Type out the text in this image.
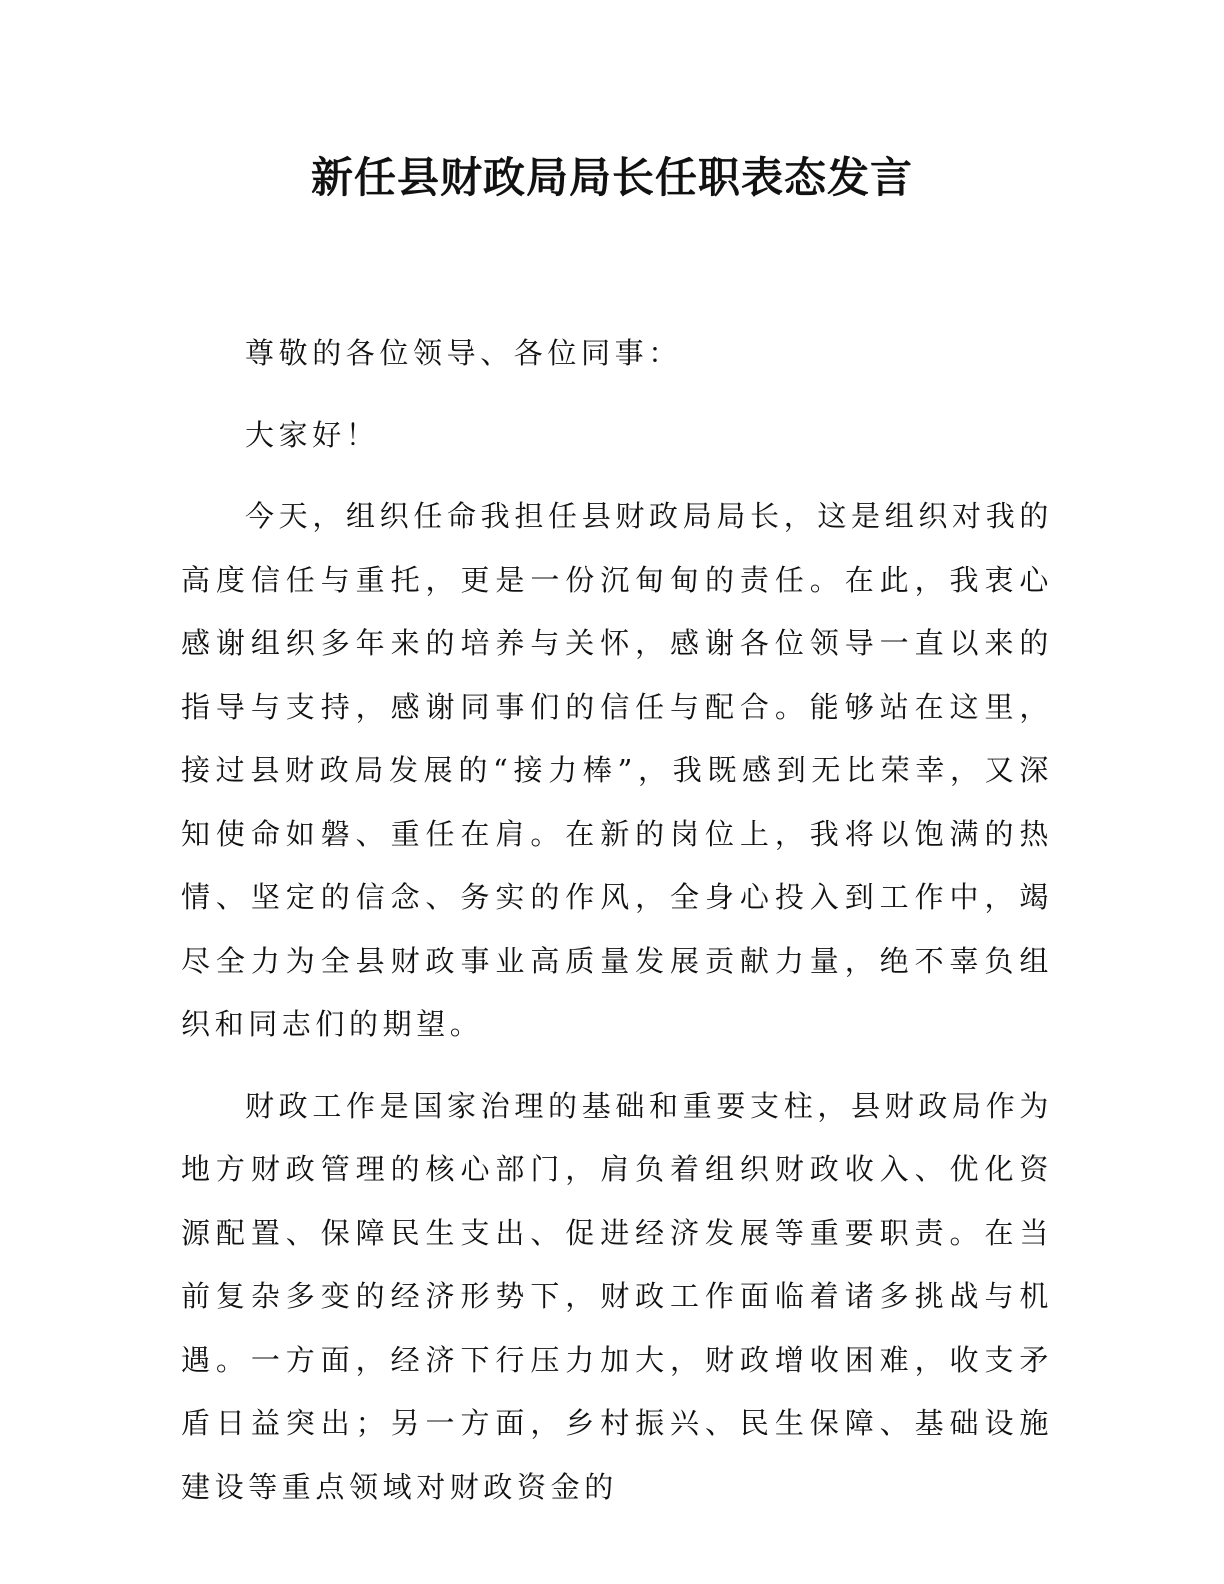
新任县财政局局长任职表态发言

尊敬的各位领导、各位同事：

大家好！

今天，组织任命我担任县财政局局长，这是组织对我的高度信任与重托，更是一份沉甸甸的责任。在此，我衷心感谢组织多年来的培养与关怀，感谢各位领导一直以来的指导与支持，感谢同事们的信任与配合。能够站在这里，接过县财政局发展的“接力棒”，我既感到无比荣幸，又深知使命如磐、重任在肩。在新的岗位上，我将以饱满的热情、坚定的信念、务实的作风，全身心投入到工作中，竭尽全力为全县财政事业高质量发展贡献力量，绝不辜负组织和同志们的期望。

财政工作是国家治理的基础和重要支柱，县财政局作为地方财政管理的核心部门，肩负着组织财政收入、优化资源配置、保障民生支出、促进经济发展等重要职责。在当前复杂多变的经济形势下，财政工作面临着诸多挑战与机遇。一方面，经济下行压力加大，财政增收困难，收支矛盾日益突出；另一方面，乡村振兴、民生保障、基础设施建设等重点领域对财政资金的
